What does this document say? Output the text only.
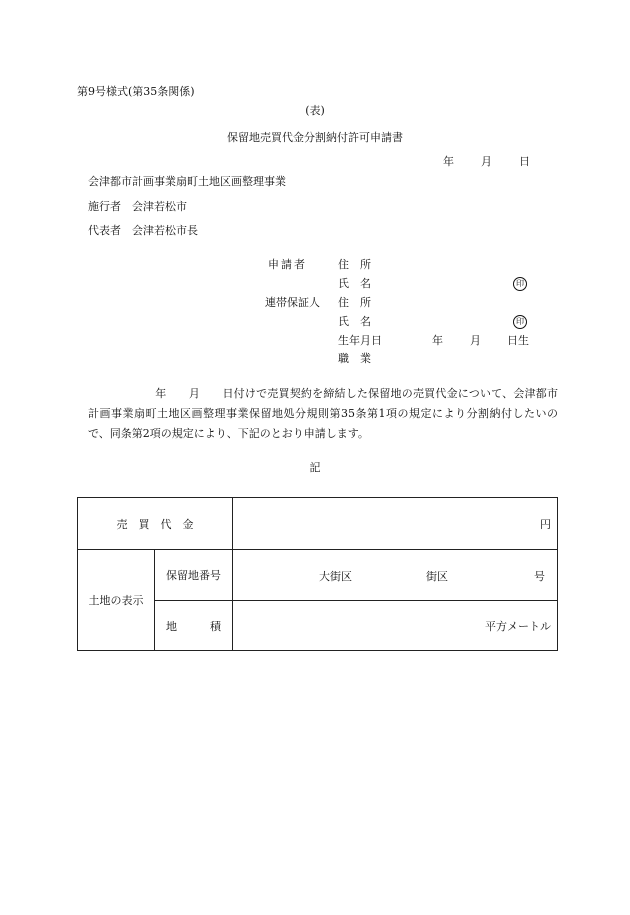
第9号様式(第35条関係)
(表)
保留地売買代金分割納付許可申請書
年 月 日
会津都市計画事業扇町土地区画整理事業
施行者　会津若松市
代表者　会津若松市長
申請者	住　所
氏　名	印
連帯保証人 住　所
氏　名	印
生年月日	年 月 日生
職　業
　　　　　　年　　月　　日付けで売買契約を締結した保留地の売買代金について、会津都市計画事業扇町土地区画整理事業保留地処分規則第35条第1項の規定により分割納付したいので、同条第2項の規定により、下記のとおり申請します。
記
売　買　代　金		円
土地の表示	保留地番号	大街区 街区 号

	地　　　積	平方メートル
